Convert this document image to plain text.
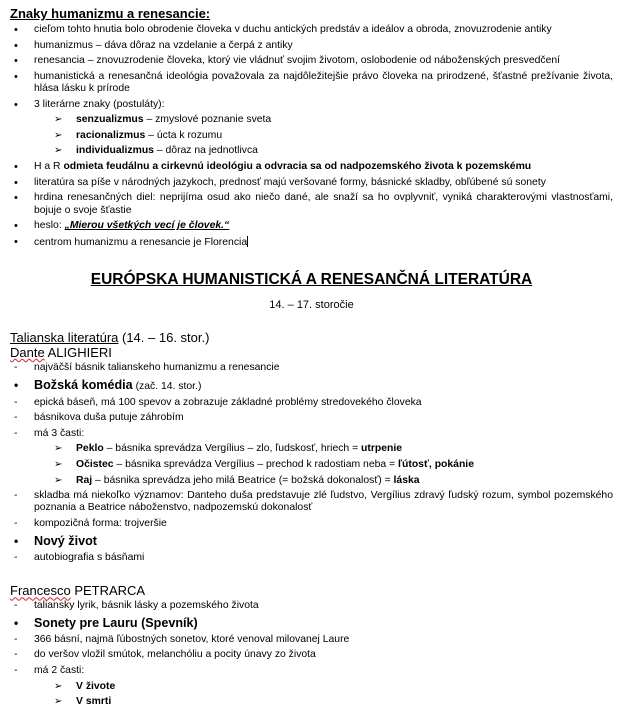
Znaky humanizmu a renesancie:
• cieľom tohto hnutia bolo obrodenie človeka v duchu antických predstáv a ideálov a obroda, znovuzrodenie antiky
• humanizmus – dáva dôraz na vzdelanie a čerpá z antiky
• renesancia – znovuzrodenie človeka, ktorý vie vládnuť svojim životom, oslobodenie od náboženských presvedčení
• humanistická a renesančná ideológia považovala za najdôležitejšie právo človeka na prirodzené, šťastné prežívanie života, hlása lásku k prírode
• 3 literárne znaky (postuláty):
➢ senzualizmus – zmyslové poznanie sveta
➢ racionalizmus – úcta k rozumu
➢ individualizmus – dôraz na jednotlivca
• H a R odmieta feudálnu a cirkevnú ideológiu a odvracia sa od nadpozemského života k pozemskému
• literatúra sa píše v národných jazykoch, prednosť majú veršované formy, básnické skladby, obľúbené sú sonety
• hrdina renesančných diel: nepriјíma osud ako niečo dané, ale snaží sa ho ovplyvniť, vyniká charakterovými vlastnosťami, bojuje o svoje šťastie
• heslo: „Mierou všetkých vecí je človek.“
• centrom humanizmu a renesancie je Florencia
EURÓPSKA HUMANISTICKÁ A RENESANČNÁ LITERATÚRA
14. – 17. storočie
Talianska literatúra (14. – 16. stor.)
Dante ALIGHIERI
- najväčší básnik talianskeho humanizmu a renesancie
• Božská komédia (zač. 14. stor.)
- epická báseň, má 100 spevov a zobrazuje základné problémy stredovekého človeka
- básnikova duša putuje záhrobím
- má 3 časti:
➢ Peklo – básnika sprevádza Vergílius – zlo, ľudskosť, hriech = utrpenie
➢ Očistec – básnika sprevádza Vergílius – prechod k radostiam neba = ľútosť, pokánie
➢ Raj – básnika sprevádza jeho milá Beatrice (= božská dokonalosť) = láska
- skladba má niekoľko významov: Danteho duša predstavuje zlé ľudstvo, Vergílius zdravý ľudský rozum, symbol pozemského poznania a Beatrice náboženstvo, nadpozemskú dokonalosť
- kompozičná forma: trojveršie
• Nový život
- autobiografia s básňami
Francesco PETRARCA
- taliansky lyrik, básnik lásky a pozemského života
• Sonety pre Lauru (Spevník)
- 366 básní, najmä ľúbostných sonetov, ktoré venoval milovanej Laure
- do veršov vložil smútok, melanchóliu a pocity únavy zo života
- má 2 časti:
➢ V živote
➢ V smrti
